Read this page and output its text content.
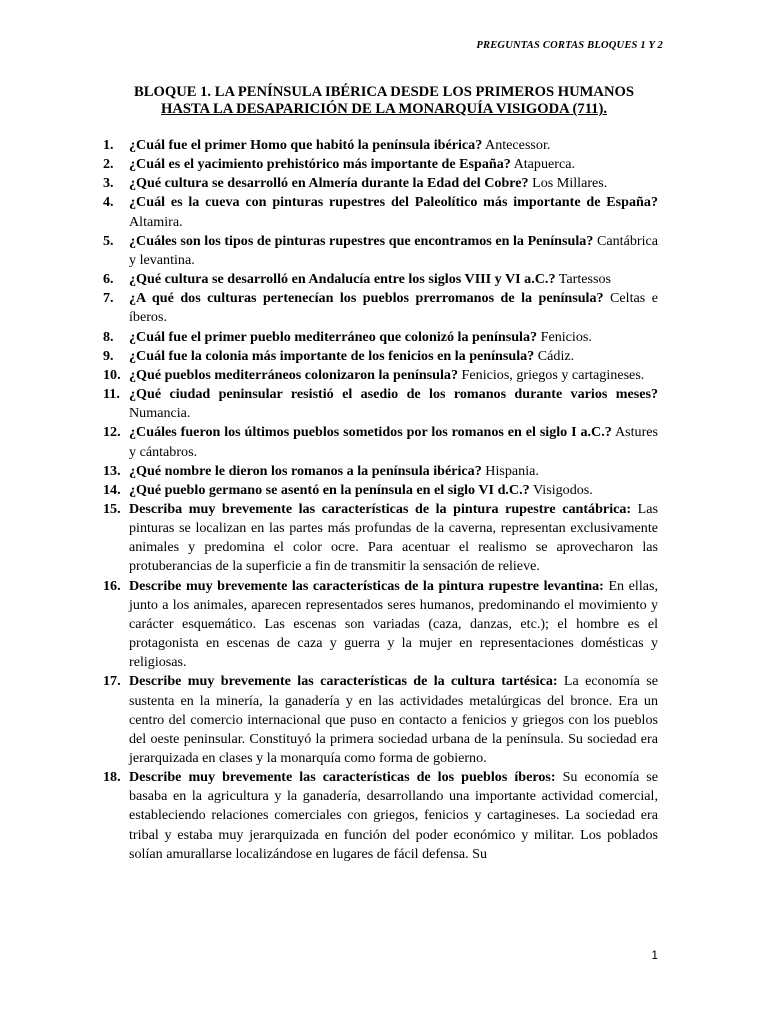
PREGUNTAS CORTAS BLOQUES 1 Y 2
BLOQUE 1. LA PENÍNSULA IBÉRICA DESDE LOS PRIMEROS HUMANOS
HASTA LA DESAPARICIÓN DE LA MONARQUÍA VISIGODA (711).
1. ¿Cuál fue el primer Homo que habitó la península ibérica? Antecessor.
2. ¿Cuál es el yacimiento prehistórico más importante de España? Atapuerca.
3. ¿Qué cultura se desarrolló en Almería durante la Edad del Cobre? Los Millares.
4. ¿Cuál es la cueva con pinturas rupestres del Paleolítico más importante de España? Altamira.
5. ¿Cuáles son los tipos de pinturas rupestres que encontramos en la Península? Cantábrica y levantina.
6. ¿Qué cultura se desarrolló en Andalucía entre los siglos VIII y VI a.C.? Tartessos
7. ¿A qué dos culturas pertenecían los pueblos prerromanos de la península? Celtas e íberos.
8. ¿Cuál fue el primer pueblo mediterráneo que colonizó la península? Fenicios.
9. ¿Cuál fue la colonia más importante de los fenicios en la península? Cádiz.
10. ¿Qué pueblos mediterráneos colonizaron la península? Fenicios, griegos y cartagineses.
11. ¿Qué ciudad peninsular resistió el asedio de los romanos durante varios meses? Numancia.
12. ¿Cuáles fueron los últimos pueblos sometidos por los romanos en el siglo I a.C.? Astures y cántabros.
13. ¿Qué nombre le dieron los romanos a la península ibérica? Hispania.
14. ¿Qué pueblo germano se asentó en la península en el siglo VI d.C.? Visigodos.
15. Describa muy brevemente las características de la pintura rupestre cantábrica: Las pinturas se localizan en las partes más profundas de la caverna, representan exclusivamente animales y predomina el color ocre. Para acentuar el realismo se aprovecharon las protuberancias de la superficie a fin de transmitir la sensación de relieve.
16. Describe muy brevemente las características de la pintura rupestre levantina: En ellas, junto a los animales, aparecen representados seres humanos, predominando el movimiento y carácter esquemático. Las escenas son variadas (caza, danzas, etc.); el hombre es el protagonista en escenas de caza y guerra y la mujer en representaciones domésticas y religiosas.
17. Describe muy brevemente las características de la cultura tartésica: La economía se sustenta en la minería, la ganadería y en las actividades metalúrgicas del bronce. Era un centro del comercio internacional que puso en contacto a fenicios y griegos con los pueblos del oeste peninsular. Constituyó la primera sociedad urbana de la península. Su sociedad era jerarquizada en clases y la monarquía como forma de gobierno.
18. Describe muy brevemente las características de los pueblos íberos: Su economía se basaba en la agricultura y la ganadería, desarrollando una importante actividad comercial, estableciendo relaciones comerciales con griegos, fenicios y cartagineses. La sociedad era tribal y estaba muy jerarquizada en función del poder económico y militar. Los poblados solían amurallarse localizándose en lugares de fácil defensa. Su
1
